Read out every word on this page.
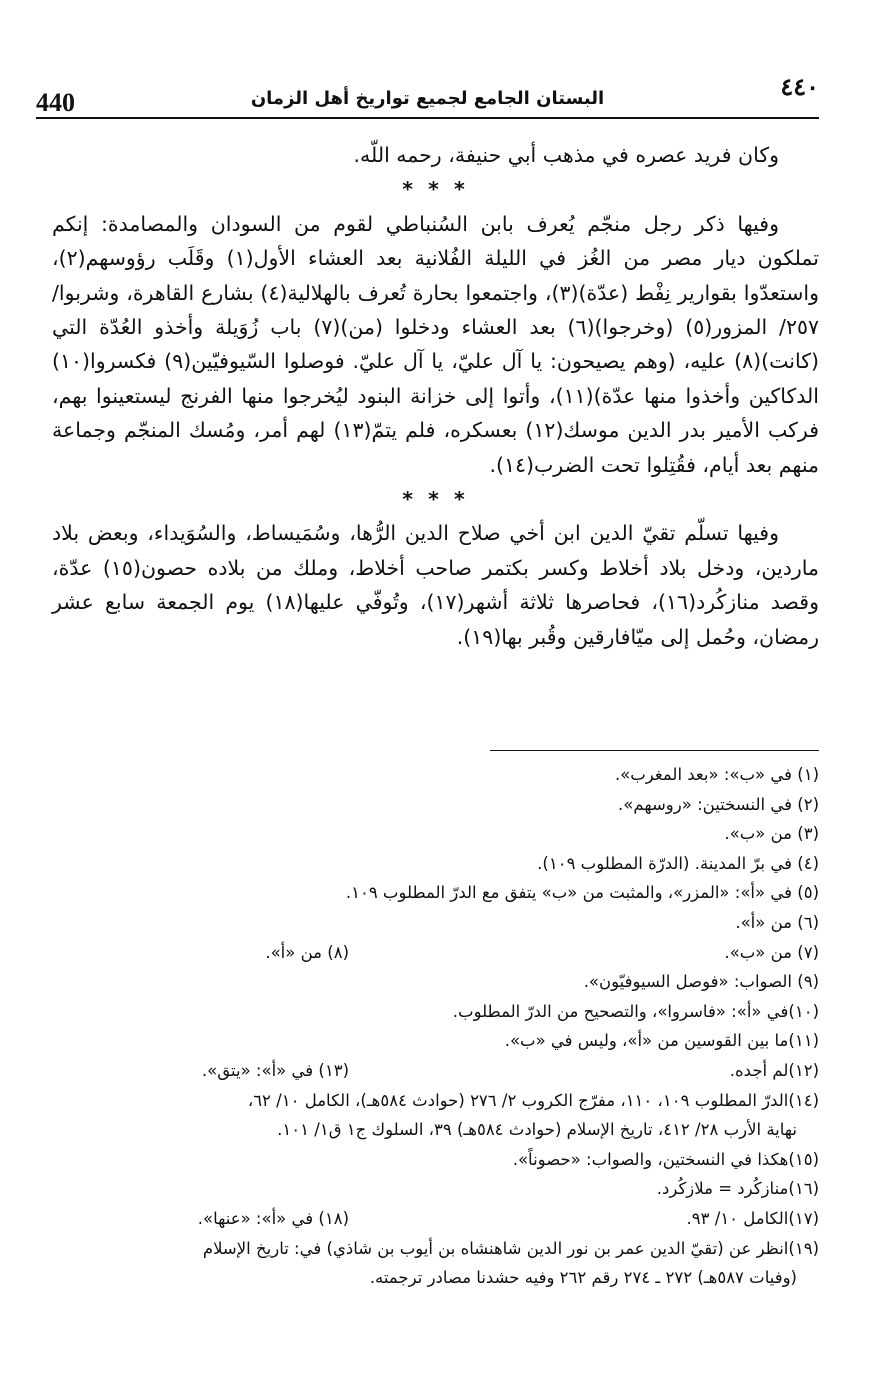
٤٤٠
البستان الجامع لجميع تواريخ أهل الزمان
440

وكان فريد عصره في مذهب أبي حنيفة، رحمه اللّه.

* * *

وفيها ذكر رجل منجّم يُعرف بابن السُنباطي لقوم من السودان والمصامدة: إنكم تملكون ديار مصر من الغُز في الليلة الفُلانية بعد العشاء الأول(١) وقَلَب رؤوسهم(٢)، واستعدّوا بقوارير نِفْط (عدّة)(٣)، واجتمعوا بحارة تُعرف بالهلالية(٤) بشارع القاهرة، وشربوا/ ٢٥٧/ المزور(٥) (وخرجوا)(٦) بعد العشاء ودخلوا (من)(٧) باب زُوَيلة وأخذو العُدّة التي (كانت)(٨) عليه، (وهم يصيحون: يا آل عليّ، يا آل عليّ. فوصلوا السّيوفيّين(٩) فكسروا(١٠) الدكاكين وأخذوا منها عدّة)(١١)، وأتوا إلى خزانة البنود ليُخرجوا منها الفرنج ليستعينوا بهم، فركب الأمير بدر الدين موسك(١٢) بعسكره، فلم يتمّ(١٣) لهم أمر، ومُسك المنجّم وجماعة منهم بعد أيام، فقُتِلوا تحت الضرب(١٤).

* * *

وفيها تسلّم تقيّ الدين ابن أخي صلاح الدين الرُّها، وسُمَيساط، والسُوَيداء، وبعض بلاد ماردين، ودخل بلاد أخلاط وكسر بكتمر صاحب أخلاط، وملك من بلاده حصون(١٥) عدّة، وقصد منازكُرد(١٦)، فحاصرها ثلاثة أشهر(١٧)، وتُوفّي عليها(١٨) يوم الجمعة سابع عشر رمضان، وحُمل إلى ميّافارقين وقُبر بها(١٩).

(١) في «ب»: «بعد المغرب».
(٢) في النسختين: «روسهم».
(٣) من «ب».
(٤) في برّ المدينة. (الدرّة المطلوب ١٠٩).
(٥) في «أ»: «المزر»، والمثبت من «ب» يتفق مع الدرّ المطلوب ١٠٩.
(٦) من «أ».
(٧) من «ب».
(٨) من «أ».
(٩) الصواب: «فوصل السيوفيّون».
(١٠)في «أ»: «فاسروا»، والتصحيح من الدرّ المطلوب.
(١١)ما بين القوسين من «أ»، وليس في «ب».
(١٢)لم أجده.
(١٣) في «أ»: «يتق».
(١٤)الدرّ المطلوب ١٠٩، ١١٠، مفرّج الكروب ٢/ ٢٧٦ (حوادث ٥٨٤هـ)، الكامل ١٠/ ٦٢،
نهاية الأرب ٢٨/ ٤١٢، تاريخ الإسلام (حوادث ٥٨٤هـ) ٣٩، السلوك ج١ ق١/ ١٠١.
(١٥)هكذا في النسختين، والصواب: «حصوناً».
(١٦)منازكُرد = ملازكُرد.
(١٧)الكامل ١٠/ ٩٣.
(١٨) في «أ»: «عنها».
(١٩)انظر عن (تقيّ الدين عمر بن نور الدين شاهنشاه بن أيوب بن شاذي) في: تاريخ الإسلام
(وفيات ٥٨٧هـ) ٢٧٢ ـ ٢٧٤ رقم ٢٦٢ وفيه حشدنا مصادر ترجمته.
